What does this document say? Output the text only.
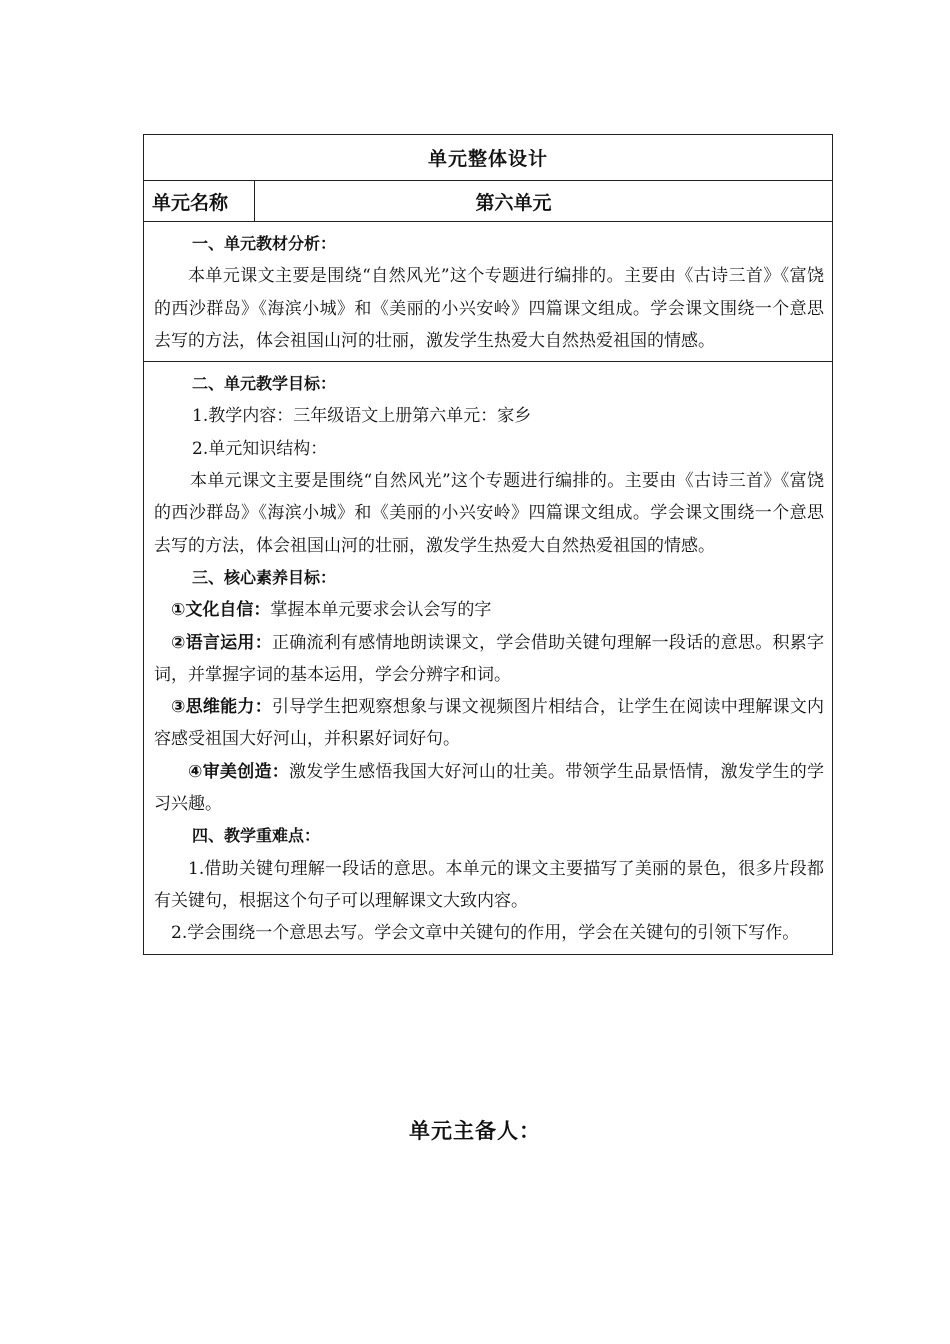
单元整体设计
单元名称	第六单元

一、单元教材分析：

本单元课文主要是围绕“自然风光”这个专题进行编排的。主要由《古诗三首》《富饶的西沙群岛》《海滨小城》和《美丽的小兴安岭》四篇课文组成。学会课文围绕一个意思去写的方法，体会祖国山河的壮丽，激发学生热爱大自然热爱祖国的情感。

二、单元教学目标：

1.教学内容：三年级语文上册第六单元：家乡

2.单元知识结构：

本单元课文主要是围绕“自然风光”这个专题进行编排的。主要由《古诗三首》《富饶的西沙群岛》《海滨小城》和《美丽的小兴安岭》四篇课文组成。学会课文围绕一个意思去写的方法，体会祖国山河的壮丽，激发学生热爱大自然热爱祖国的情感。

三、核心素养目标：

①文化自信：掌握本单元要求会认会写的字

②语言运用：正确流利有感情地朗读课文，学会借助关键句理解一段话的意思。积累字词，并掌握字词的基本运用，学会分辨字和词。

③思维能力：引导学生把观察想象与课文视频图片相结合，让学生在阅读中理解课文内容感受祖国大好河山，并积累好词好句。

④审美创造：激发学生感悟我国大好河山的壮美。带领学生品景悟情，激发学生的学习兴趣。

四、教学重难点：

1.借助关键句理解一段话的意思。本单元的课文主要描写了美丽的景色，很多片段都有关键句，根据这个句子可以理解课文大致内容。

2.学会围绕一个意思去写。学会文章中关键句的作用，学会在关键句的引领下写作。

单元主备人：
